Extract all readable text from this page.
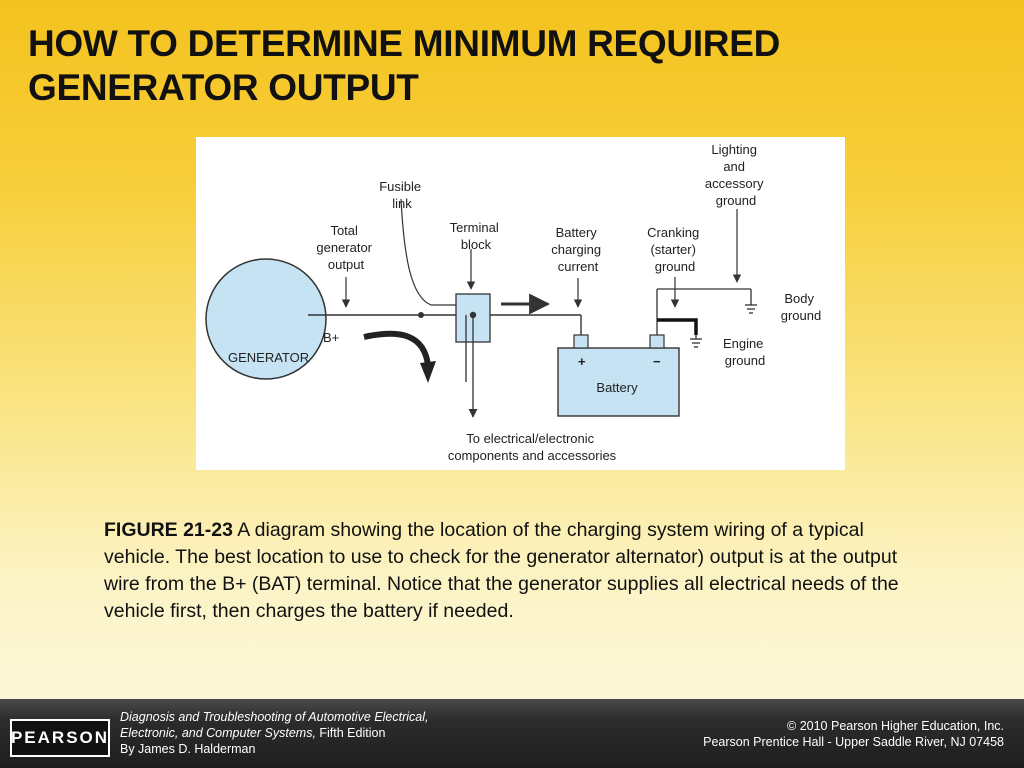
HOW TO DETERMINE MINIMUM REQUIRED
GENERATOR OUTPUT
B+
GENERATOR
Total generator output
Fusible link
Terminal block
Battery charging current
Cranking (starter) ground
Lighting and accessory ground
Body ground
Engine ground
+	−
Battery
To electrical/electronic components and accessories

FIGURE 21-23 A diagram showing the location of the charging system wiring of a typical vehicle. The best location to use to check for the generator alternator) output is at the output wire from the B+ (BAT) terminal. Notice that the generator supplies all electrical needs of the vehicle first, then charges the battery if needed.

PEARSON
Diagnosis and Troubleshooting of Automotive Electrical,
Electronic, and Computer Systems, Fifth Edition
By James D. Halderman
© 2010 Pearson Higher Education, Inc.
Pearson Prentice Hall - Upper Saddle River, NJ 07458
